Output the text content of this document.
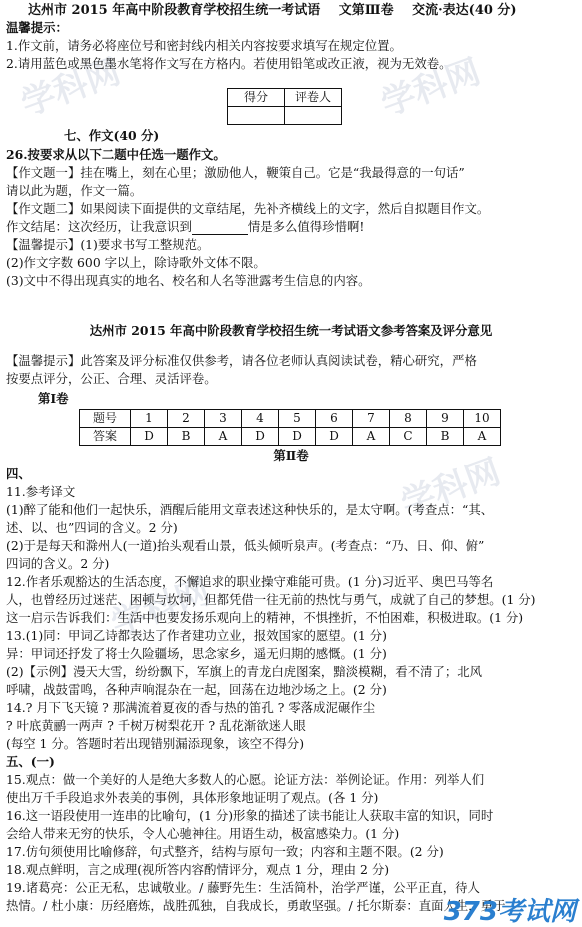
学科网	学科网
学科网
学科网
达州市 2015 年高中阶段教育学校招生统一考试语 文第Ⅲ卷 交流·表达(40 分)
温馨提示：
1.作文前，请务必将座位号和密封线内相关内容按要求填写在规定位置。
2.请用蓝色或黑色墨水笔将作文写在方格内。若使用铅笔或改正液，视为无效卷。
得分	评卷人

七、作文(40 分)
26.按要求从以下二题中任选一题作文。
【作文题一】挂在嘴上，刻在心里；激励他人，鞭策自己。它是“我最得意的一句话”
请以此为题，作文一篇。
【作文题二】如果阅读下面提供的文章结尾，先补齐横线上的文字，然后自拟题目作文。
作文结尾：这次经历，让我意识到	情是多么值得珍惜啊!
【温馨提示】(1)要求书写工整规范。
(2)作文字数 600 字以上，除诗歌外文体不限。
(3)文中不得出现真实的地名、校名和人名等泄露考生信息的内容。
达州市 2015 年高中阶段教育学校招生统一考试语文参考答案及评分意见
【温馨提示】此答案及评分标准仅供参考，请各位老师认真阅读试卷，精心研究，严格
按要点评分，公正、合理、灵活评卷。
第Ⅰ卷
题号	1	2	3	4	5	6	7	8	9	10
答案	D	B	A	D	D	D	A	C	B	A
第Ⅱ卷
四、
11.参考译文
(1)醉了能和他们一起快乐，酒醒后能用文章表述这种快乐的，是太守啊。(考查点：“其、
述、以、也”四词的含义。2 分)
(2)于是每天和滁州人(一道)抬头观看山景，低头倾听泉声。(考查点：“乃、日、仰、俯”
四词的含义。2 分)
12.作者乐观豁达的生活态度，不懈追求的职业操守难能可贵。(1 分)习近平、奥巴马等名
人，也曾经历过迷茫、困顿与坎坷，但都凭借一往无前的热忱与勇气，成就了自己的梦想。(1 分)
这一启示告诉我们：生活中也要发扬乐观向上的精神，不惧挫折，不怕困难，积极进取。(1 分)
13.(1)同：甲词乙诗都表达了作者建功立业，报效国家的愿望。(1 分)
异：甲词还抒发了将士久险疆场，思念家乡，遥无归期的感慨。(1 分)
(2)【示例】漫天大雪，纷纷飘下，军旗上的青龙白虎图案，黯淡模糊，看不清了；北风
呼啸，战鼓雷鸣，各种声响混杂在一起，回荡在边地沙场之上。(2 分)
14.? 月下飞天镜 ? 那满流着夏夜的香与热的笛孔 ? 零落成泥碾作尘
? 叶底黄鹂一两声 ? 千树万树梨花开 ? 乱花渐欲迷人眼
(每空 1 分。答题时若出现错别漏添现象，该空不得分)
五、(一)
15.观点：做一个美好的人是绝大多数人的心愿。论证方法：举例论证。作用：列举人们
使出万千手段追求外表美的事例，具体形象地证明了观点。(各 1 分)
16.这一语段使用一连串的比喻句，(1 分)形象的描述了读书能让人获取丰富的知识，同时
会给人带来无穷的快乐，令人心驰神往。用语生动，极富感染力。(1 分)
17.仿句须使用比喻修辞，句式整齐，结构与原句一致；内容和主题不限。(2 分)
18.观点鲜明，言之成理(视所答内容酌情评分，观点 1 分，理由 2 分)
19.诸葛亮：公正无私，忠诚敬业。/ 藤野先生：生活简朴，治学严谨，公平正直，待人
热情。/ 杜小康：历经磨炼，战胜孤独，自我成长，勇敢坚强。/ 托尔斯泰：直面人生，勇于
373考试网
